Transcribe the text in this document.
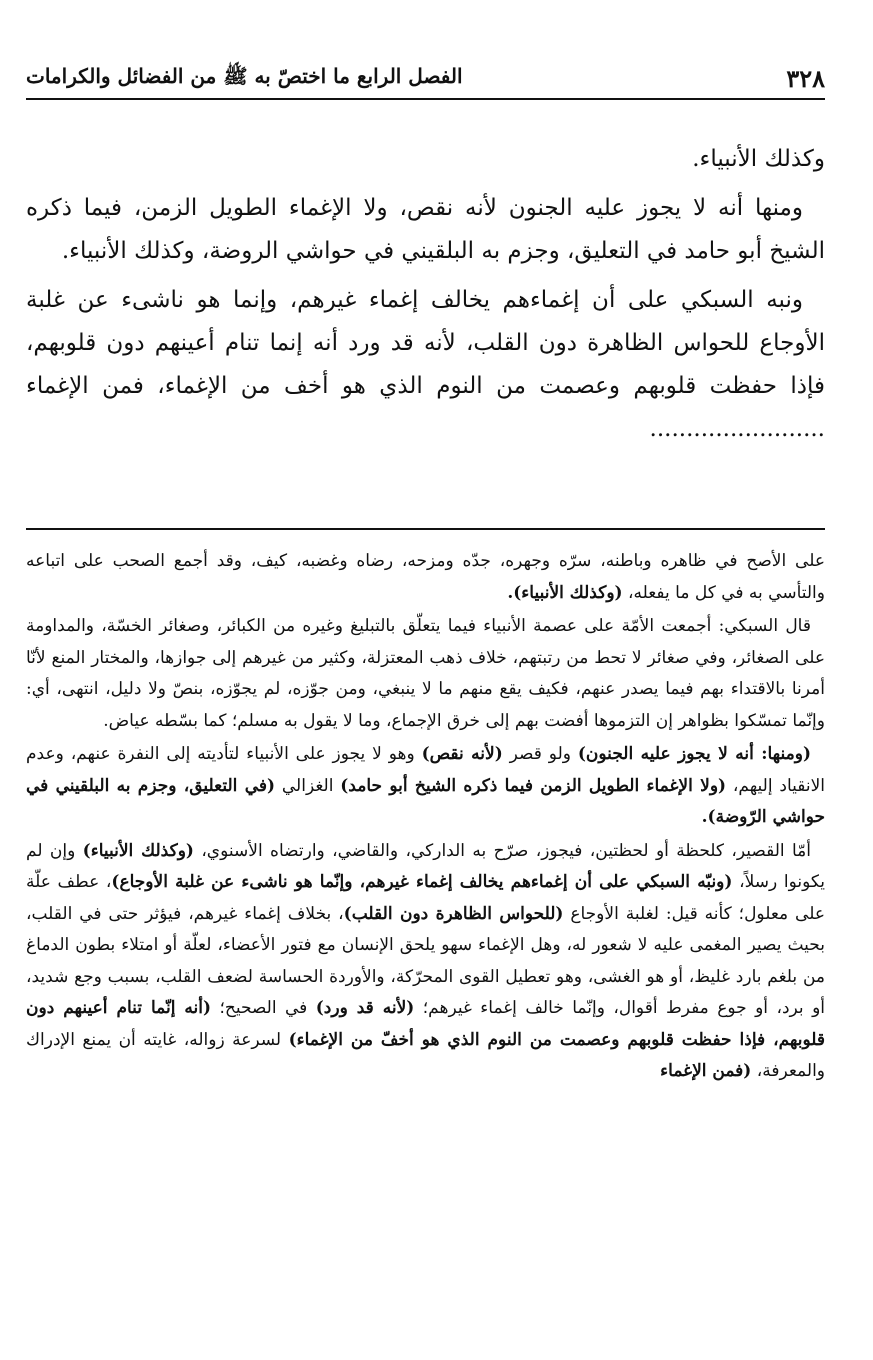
٣٢٨
الفصل الرابع ما اختصّ به ﷺ من الفضائل والكرامات

وكذلك الأنبياء.

ومنها أنه لا يجوز عليه الجنون لأنه نقص، ولا الإغماء الطويل الزمن، فيما ذكره الشيخ أبو حامد في التعليق، وجزم به البلقيني في حواشي الروضة، وكذلك الأنبياء.

ونبه السبكي على أن إغماءهم يخالف إغماء غيرهم، وإنما هو ناشىء عن غلبة الأوجاع للحواس الظاهرة دون القلب، لأنه قد ورد أنه إنما تنام أعينهم دون قلوبهم، فإذا حفظت قلوبهم وعصمت من النوم الذي هو أخف من الإغماء، فمن الإغماء ........................

على الأصح في ظاهره وباطنه، سرّه وجهره، جدّه ومزحه، رضاه وغضبه، كيف، وقد أجمع الصحب على اتباعه والتأسي به في كل ما يفعله، (وكذلك الأنبياء).

قال السبكي: أجمعت الأمّة على عصمة الأنبياء فيما يتعلّق بالتبليغ وغيره من الكبائر، وصغائر الخسّة، والمداومة على الصغائر، وفي صغائر لا تحط من رتبتهم، خلاف ذهب المعتزلة، وكثير من غيرهم إلى جوازها، والمختار المنع لأنّا أمرنا بالاقتداء بهم فيما يصدر عنهم، فكيف يقع منهم ما لا ينبغي، ومن جوّزه، لم يجوّزه، بنصّ ولا دليل، انتهى، أي: وإنّما تمسّكوا بظواهر إن التزموها أفضت بهم إلى خرق الإجماع، وما لا يقول به مسلم؛ كما بسّطه عياض.

(ومنها: أنه لا يجوز عليه الجنون) ولو قصر (لأنه نقص) وهو لا يجوز على الأنبياء لتأديته إلى النفرة عنهم، وعدم الانقياد إليهم، (ولا الإغماء الطويل الزمن فيما ذكره الشيخ أبو حامد) الغزالي (في التعليق، وجزم به البلقيني في حواشي الرّوضة).

أمّا القصير، كلحظة أو لحظتين، فيجوز، صرّح به الداركي، والقاضي، وارتضاه الأسنوي، (وكذلك الأنبياء) وإن لم يكونوا رسلاً، (ونبّه السبكي على أن إغماءهم يخالف إغماء غيرهم، وإنّما هو ناشىء عن غلبة الأوجاع)، عطف علّة على معلول؛ كأنه قيل: لغلبة الأوجاع (للحواس الظاهرة دون القلب)، بخلاف إغماء غيرهم، فيؤثر حتى في القلب، بحيث يصير المغمى عليه لا شعور له، وهل الإغماء سهو يلحق الإنسان مع فتور الأعضاء، لعلّة أو امتلاء بطون الدماغ من بلغم بارد غليظ، أو هو الغشى، وهو تعطيل القوى المحرّكة، والأوردة الحساسة لضعف القلب، بسبب وجع شديد، أو برد، أو جوع مفرط أقوال، وإنّما خالف إغماء غيرهم؛ (لأنه قد ورد) في الصحيح؛ (أنه إنّما تنام أعينهم دون قلوبهم، فإذا حفظت قلوبهم وعصمت من النوم الذي هو أخفّ من الإغماء) لسرعة زواله، غايته أن يمنع الإدراك والمعرفة، (فمن الإغماء
